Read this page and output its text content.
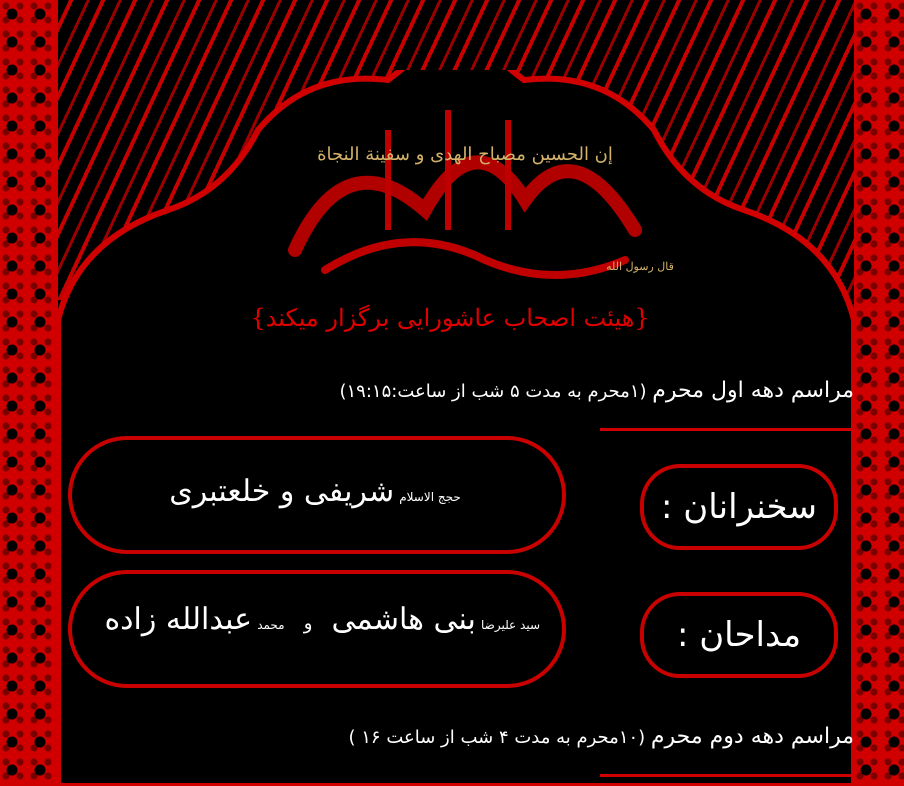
إن الحسين مصباح الهدى و سفينة النجاة
قال رسول الله
{هیئت اصحاب عاشورایی برگزار میکند}
مراسم دهه اول محرم (۱محرم به مدت ۵ شب از ساعت:۱۹:۱۵)
حجج الاسلام شریفی و خلعتبری	سخنرانان :
سید علیرضا بنی هاشمی و محمد عبدالله زاده	مداحان :
مراسم دهه دوم محرم (۱۰محرم به مدت ۴ شب از ساعت ۱۶ )
